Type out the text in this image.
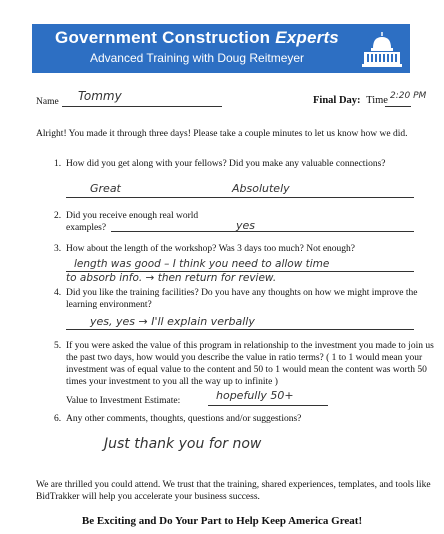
Government Construction Experts
Advanced Training with Doug Reitmeyer
Name Tommy	Final Day: Time 2:20 PM
Alright! You made it through three days! Please take a couple minutes to let us know how we did.
1. How did you get along with your fellows? Did you make any valuable connections?
Great	Absolutely
2. Did you receive enough real world
examples?	yes
3. How about the length of the workshop? Was 3 days too much? Not enough?
length was good – I think you need to allow time
to absorb info. → then return for review.
4. Did you like the training facilities? Do you have any thoughts on how we might improve the
learning environment?
yes, yes → I'll explain verbally
5. If you were asked the value of this program in relationship to the investment you made to join us
the past two days, how would you describe the value in ratio terms? ( 1 to 1 would mean your
investment was of equal value to the content and 50 to 1 would mean the content was worth 50
times your investment to you all the way up to infinite )
Value to Investment Estimate:	hopefully 50+
6. Any other comments, thoughts, questions and/or suggestions?
Just thank you for now
We are thrilled you could attend. We trust that the training, shared experiences, templates, and tools like
BidTrakker will help you accelerate your business success.
Be Exciting and Do Your Part to Help Keep America Great!
